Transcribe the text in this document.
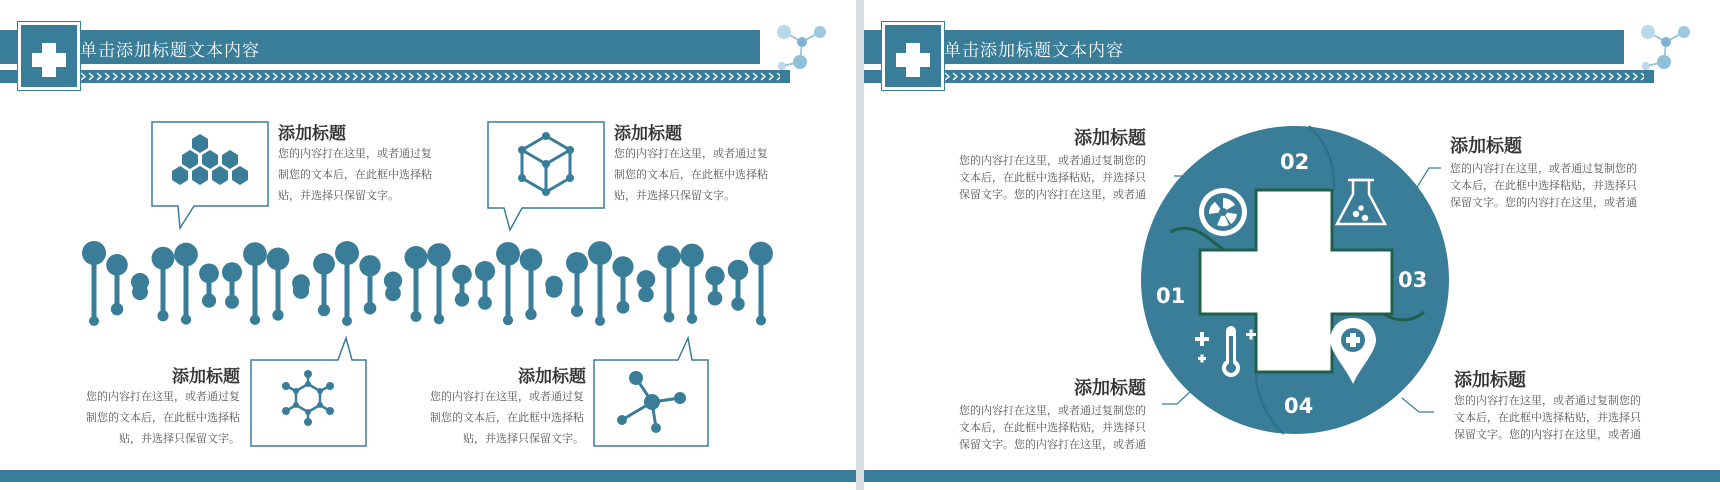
单击添加标题文本内容
添加标题
您的内容打在这里，或者通过复
制您的文本后，在此框中选择粘
贴，并选择只保留文字。
添加标题
您的内容打在这里，或者通过复
制您的文本后，在此框中选择粘
贴，并选择只保留文字。
添加标题
您的内容打在这里，或者通过复
制您的文本后，在此框中选择粘
贴，并选择只保留文字。
添加标题
您的内容打在这里，或者通过复
制您的文本后，在此框中选择粘
贴，并选择只保留文字。
单击添加标题文本内容
02
03
01
04
添加标题
您的内容打在这里，或者通过复制您的
文本后，在此框中选择粘贴，并选择只
保留文字。您的内容打在这里，或者通
添加标题
您的内容打在这里，或者通过复制您的
文本后，在此框中选择粘贴，并选择只
保留文字。您的内容打在这里，或者通
添加标题
您的内容打在这里，或者通过复制您的
文本后，在此框中选择粘贴，并选择只
保留文字。您的内容打在这里，或者通
添加标题
您的内容打在这里，或者通过复制您的
文本后，在此框中选择粘贴，并选择只
保留文字。您的内容打在这里，或者通
